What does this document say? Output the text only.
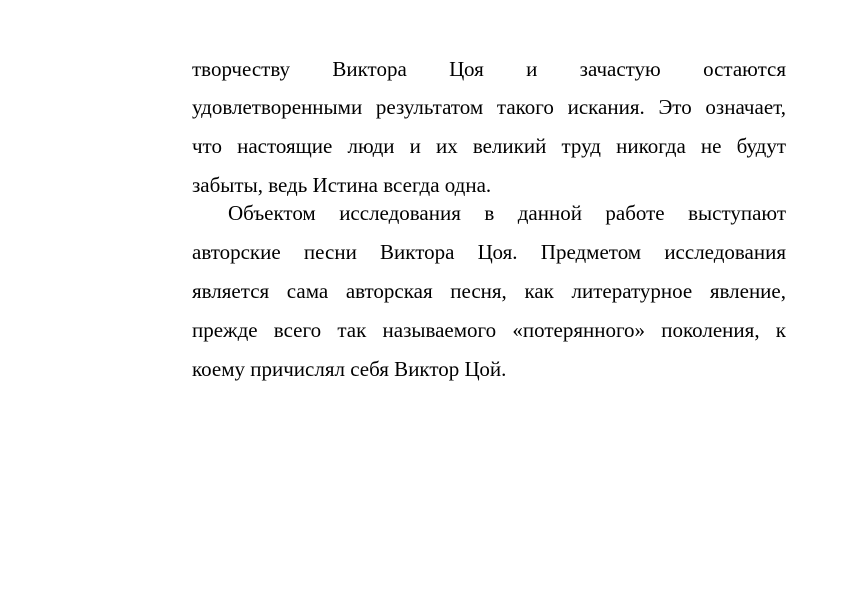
творчеству Виктора Цоя и зачастую остаются
удовлетворенными результатом такого искания. Это означает,
что настоящие люди и их великий труд никогда не будут
забыты, ведь Истина всегда одна.
Объектом исследования в данной работе выступают
авторские песни Виктора Цоя. Предметом исследования
является сама авторская песня, как литературное явление,
прежде всего так называемого «потерянного» поколения, к
коему причислял себя Виктор Цой.
